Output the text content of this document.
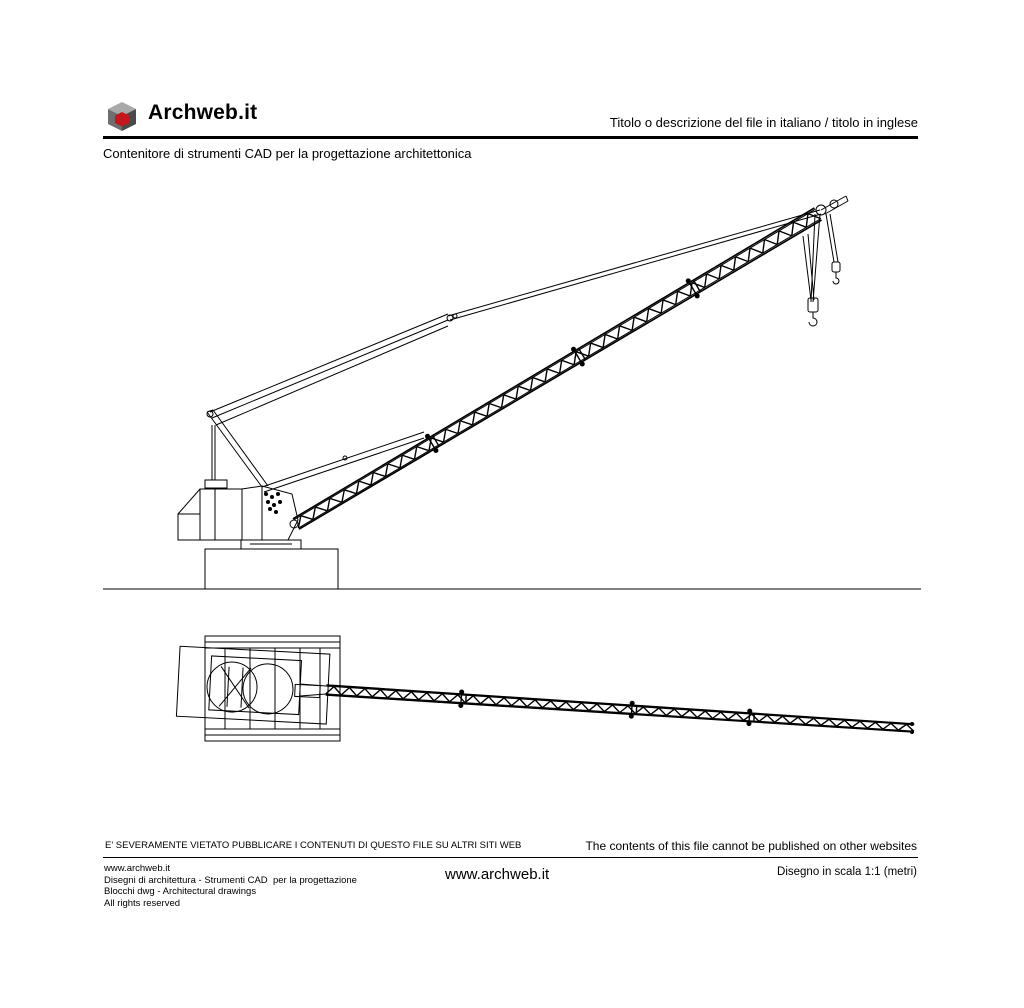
Archweb.it	Titolo o descrizione del file in italiano / titolo in inglese
Contenitore di strumenti CAD per la progettazione architettonica
E' SEVERAMENTE VIETATO PUBBLICARE I CONTENUTI DI QUESTO FILE SU ALTRI SITI WEB	The contents of this file cannot be published on other websites
www.archweb.it
Disegni di architettura - Strumenti CAD  per la progettazione
Blocchi dwg - Architectural drawings
All rights reserved
www.archweb.it	Disegno in scala 1:1 (metri)
